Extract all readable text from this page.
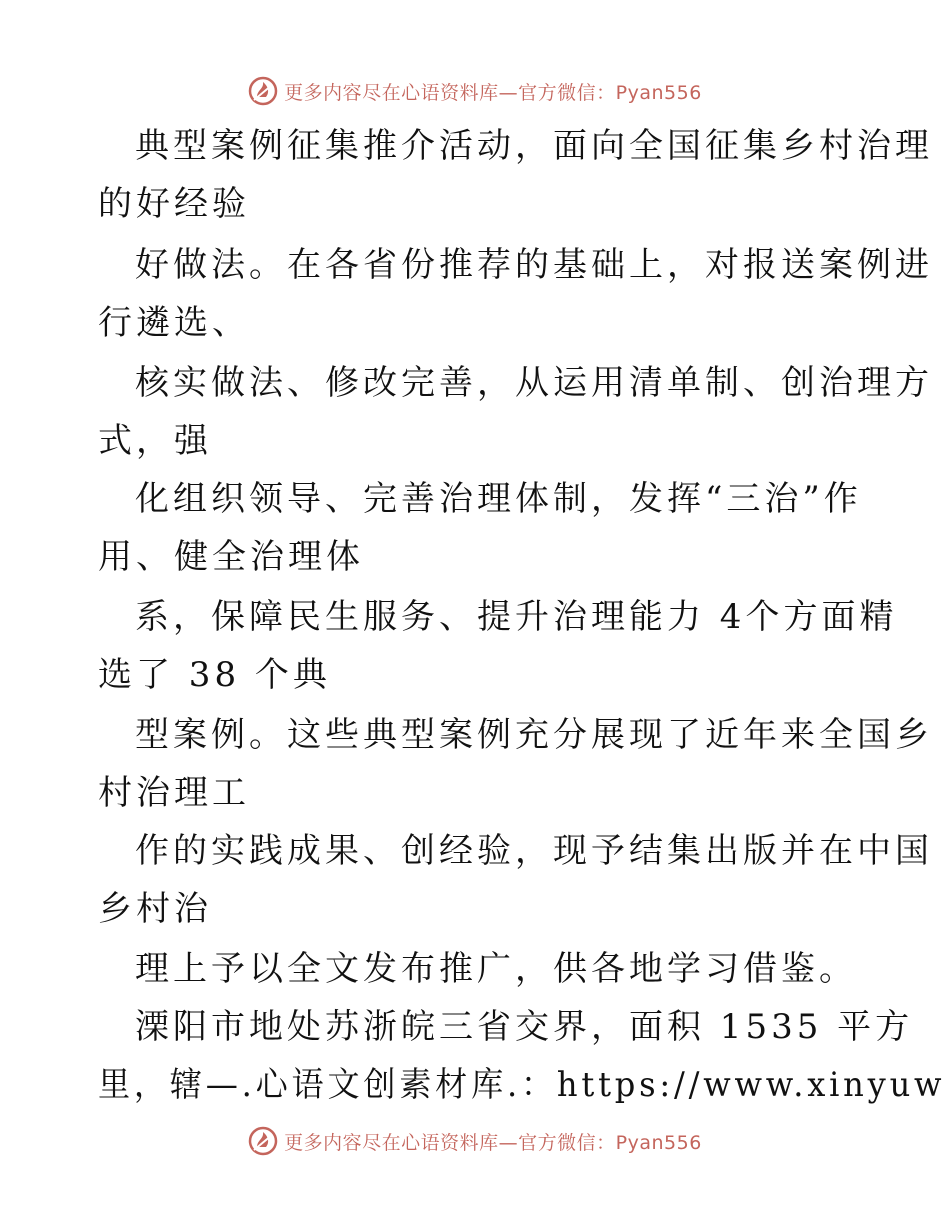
更多内容尽在心语资料库—官方微信：Pyan556
典型案例征集推介活动，面向全国征集乡村治理
的好经验
好做法。在各省份推荐的基础上，对报送案例进
行遴选、
核实做法、修改完善，从运用清单制、创治理方
式，强
化组织领导、完善治理体制，发挥“三治”作
用、健全治理体
系，保障民生服务、提升治理能力 4个方面精
选了 38 个典
型案例。这些典型案例充分展现了近年来全国乡
村治理工
作的实践成果、创经验，现予结集出版并在中国
乡村治
理上予以全文发布推广，供各地学习借鉴。
溧阳市地处苏浙皖三省交界，面积 1535 平方
里，辖—.心语文创素材库.：https://www.xinyuw
更多内容尽在心语资料库—官方微信：Pyan556
